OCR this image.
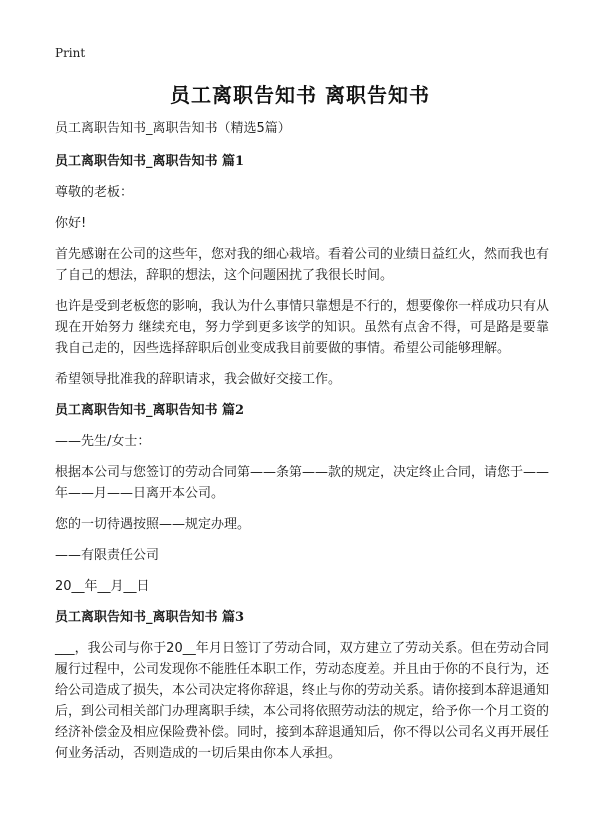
Print
员工离职告知书 离职告知书
员工离职告知书_离职告知书（精选5篇）
员工离职告知书_离职告知书 篇1
尊敬的老板：
你好!
首先感谢在公司的这些年，您对我的细心栽培。看着公司的业绩日益红火，然而我也有了自己的想法，辞职的想法，这个问题困扰了我很长时间。
也许是受到老板您的影响，我认为什么事情只靠想是不行的，想要像你一样成功只有从现在开始努力 继续充电，努力学到更多该学的知识。虽然有点舍不得，可是路是要靠我自己走的，因些选择辞职后创业变成我目前要做的事情。希望公司能够理解。
希望领导批准我的辞职请求，我会做好交接工作。
员工离职告知书_离职告知书 篇2
——先生/女士：
根据本公司与您签订的劳动合同第——条第——款的规定，决定终止合同，请您于——年——月——日离开本公司。
您的一切待遇按照——规定办理。
——有限责任公司
20__年__月__日
员工离职告知书_离职告知书 篇3
___，我公司与你于20__年月日签订了劳动合同，双方建立了劳动关系。但在劳动合同履行过程中，公司发现你不能胜任本职工作，劳动态度差。并且由于你的不良行为，还给公司造成了损失，本公司决定将你辞退，终止与你的劳动关系。请你接到本辞退通知后，到公司相关部门办理离职手续，本公司将依照劳动法的规定，给予你一个月工资的经济补偿金及相应保险费补偿。同时，接到本辞退通知后，你不得以公司名义再开展任何业务活动，否则造成的一切后果由你本人承担。
